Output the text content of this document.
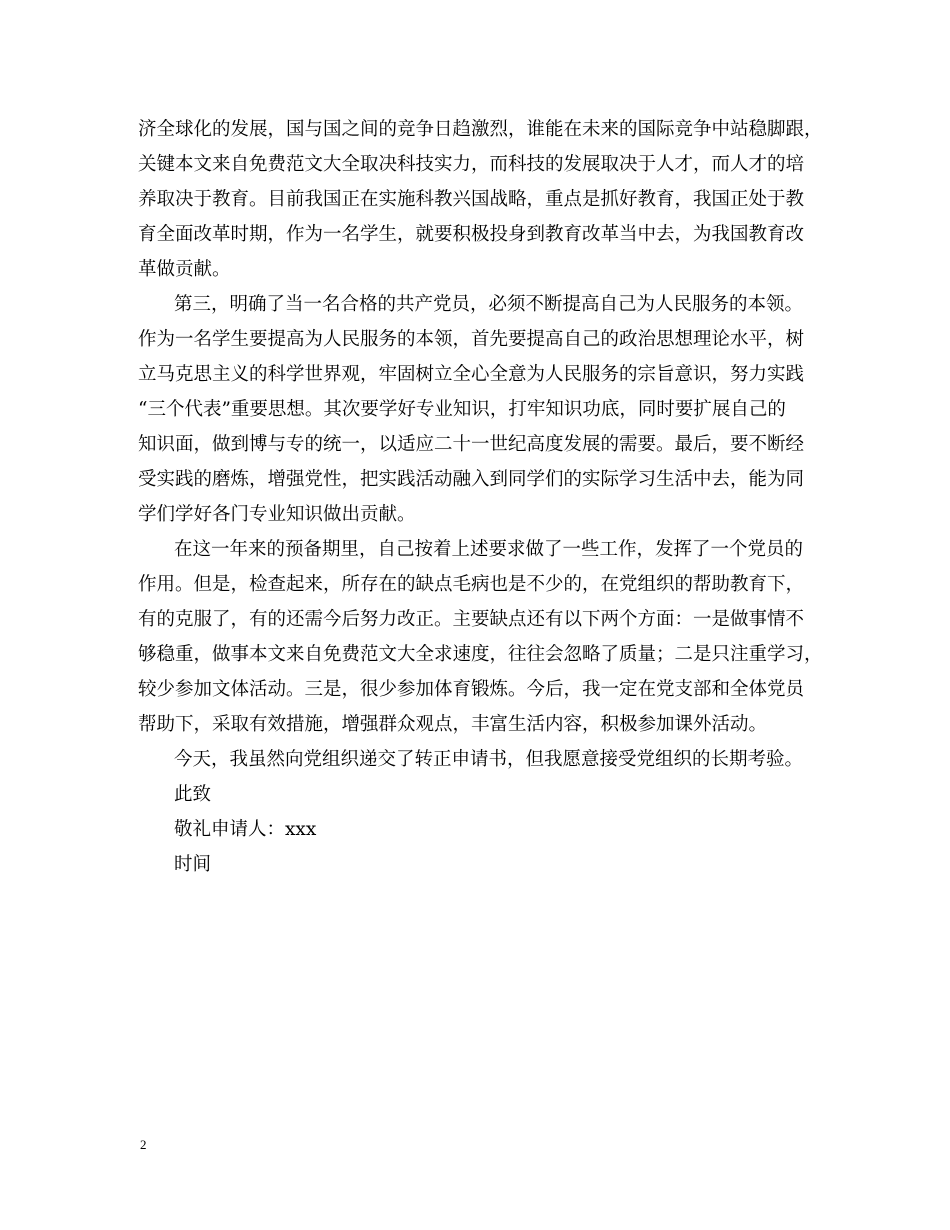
济全球化的发展，国与国之间的竞争日趋激烈，谁能在未来的国际竞争中站稳脚跟，
关键本文来自免费范文大全取决科技实力，而科技的发展取决于人才，而人才的培
养取决于教育。目前我国正在实施科教兴国战略，重点是抓好教育，我国正处于教
育全面改革时期，作为一名学生，就要积极投身到教育改革当中去，为我国教育改
革做贡献。
第三，明确了当一名合格的共产党员，必须不断提高自己为人民服务的本领。
作为一名学生要提高为人民服务的本领，首先要提高自己的政治思想理论水平，树
立马克思主义的科学世界观，牢固树立全心全意为人民服务的宗旨意识，努力实践
“三个代表”重要思想。其次要学好专业知识，打牢知识功底，同时要扩展自己的
知识面，做到博与专的统一，以适应二十一世纪高度发展的需要。最后，要不断经
受实践的磨炼，增强党性，把实践活动融入到同学们的实际学习生活中去，能为同
学们学好各门专业知识做出贡献。
在这一年来的预备期里，自己按着上述要求做了一些工作，发挥了一个党员的
作用。但是，检查起来，所存在的缺点毛病也是不少的，在党组织的帮助教育下，
有的克服了，有的还需今后努力改正。主要缺点还有以下两个方面：一是做事情不
够稳重，做事本文来自免费范文大全求速度，往往会忽略了质量；二是只注重学习，
较少参加文体活动。三是，很少参加体育锻炼。今后，我一定在党支部和全体党员
帮助下，采取有效措施，增强群众观点，丰富生活内容，积极参加课外活动。
今天，我虽然向党组织递交了转正申请书，但我愿意接受党组织的长期考验。
此致
敬礼申请人：xxx
时间
2
